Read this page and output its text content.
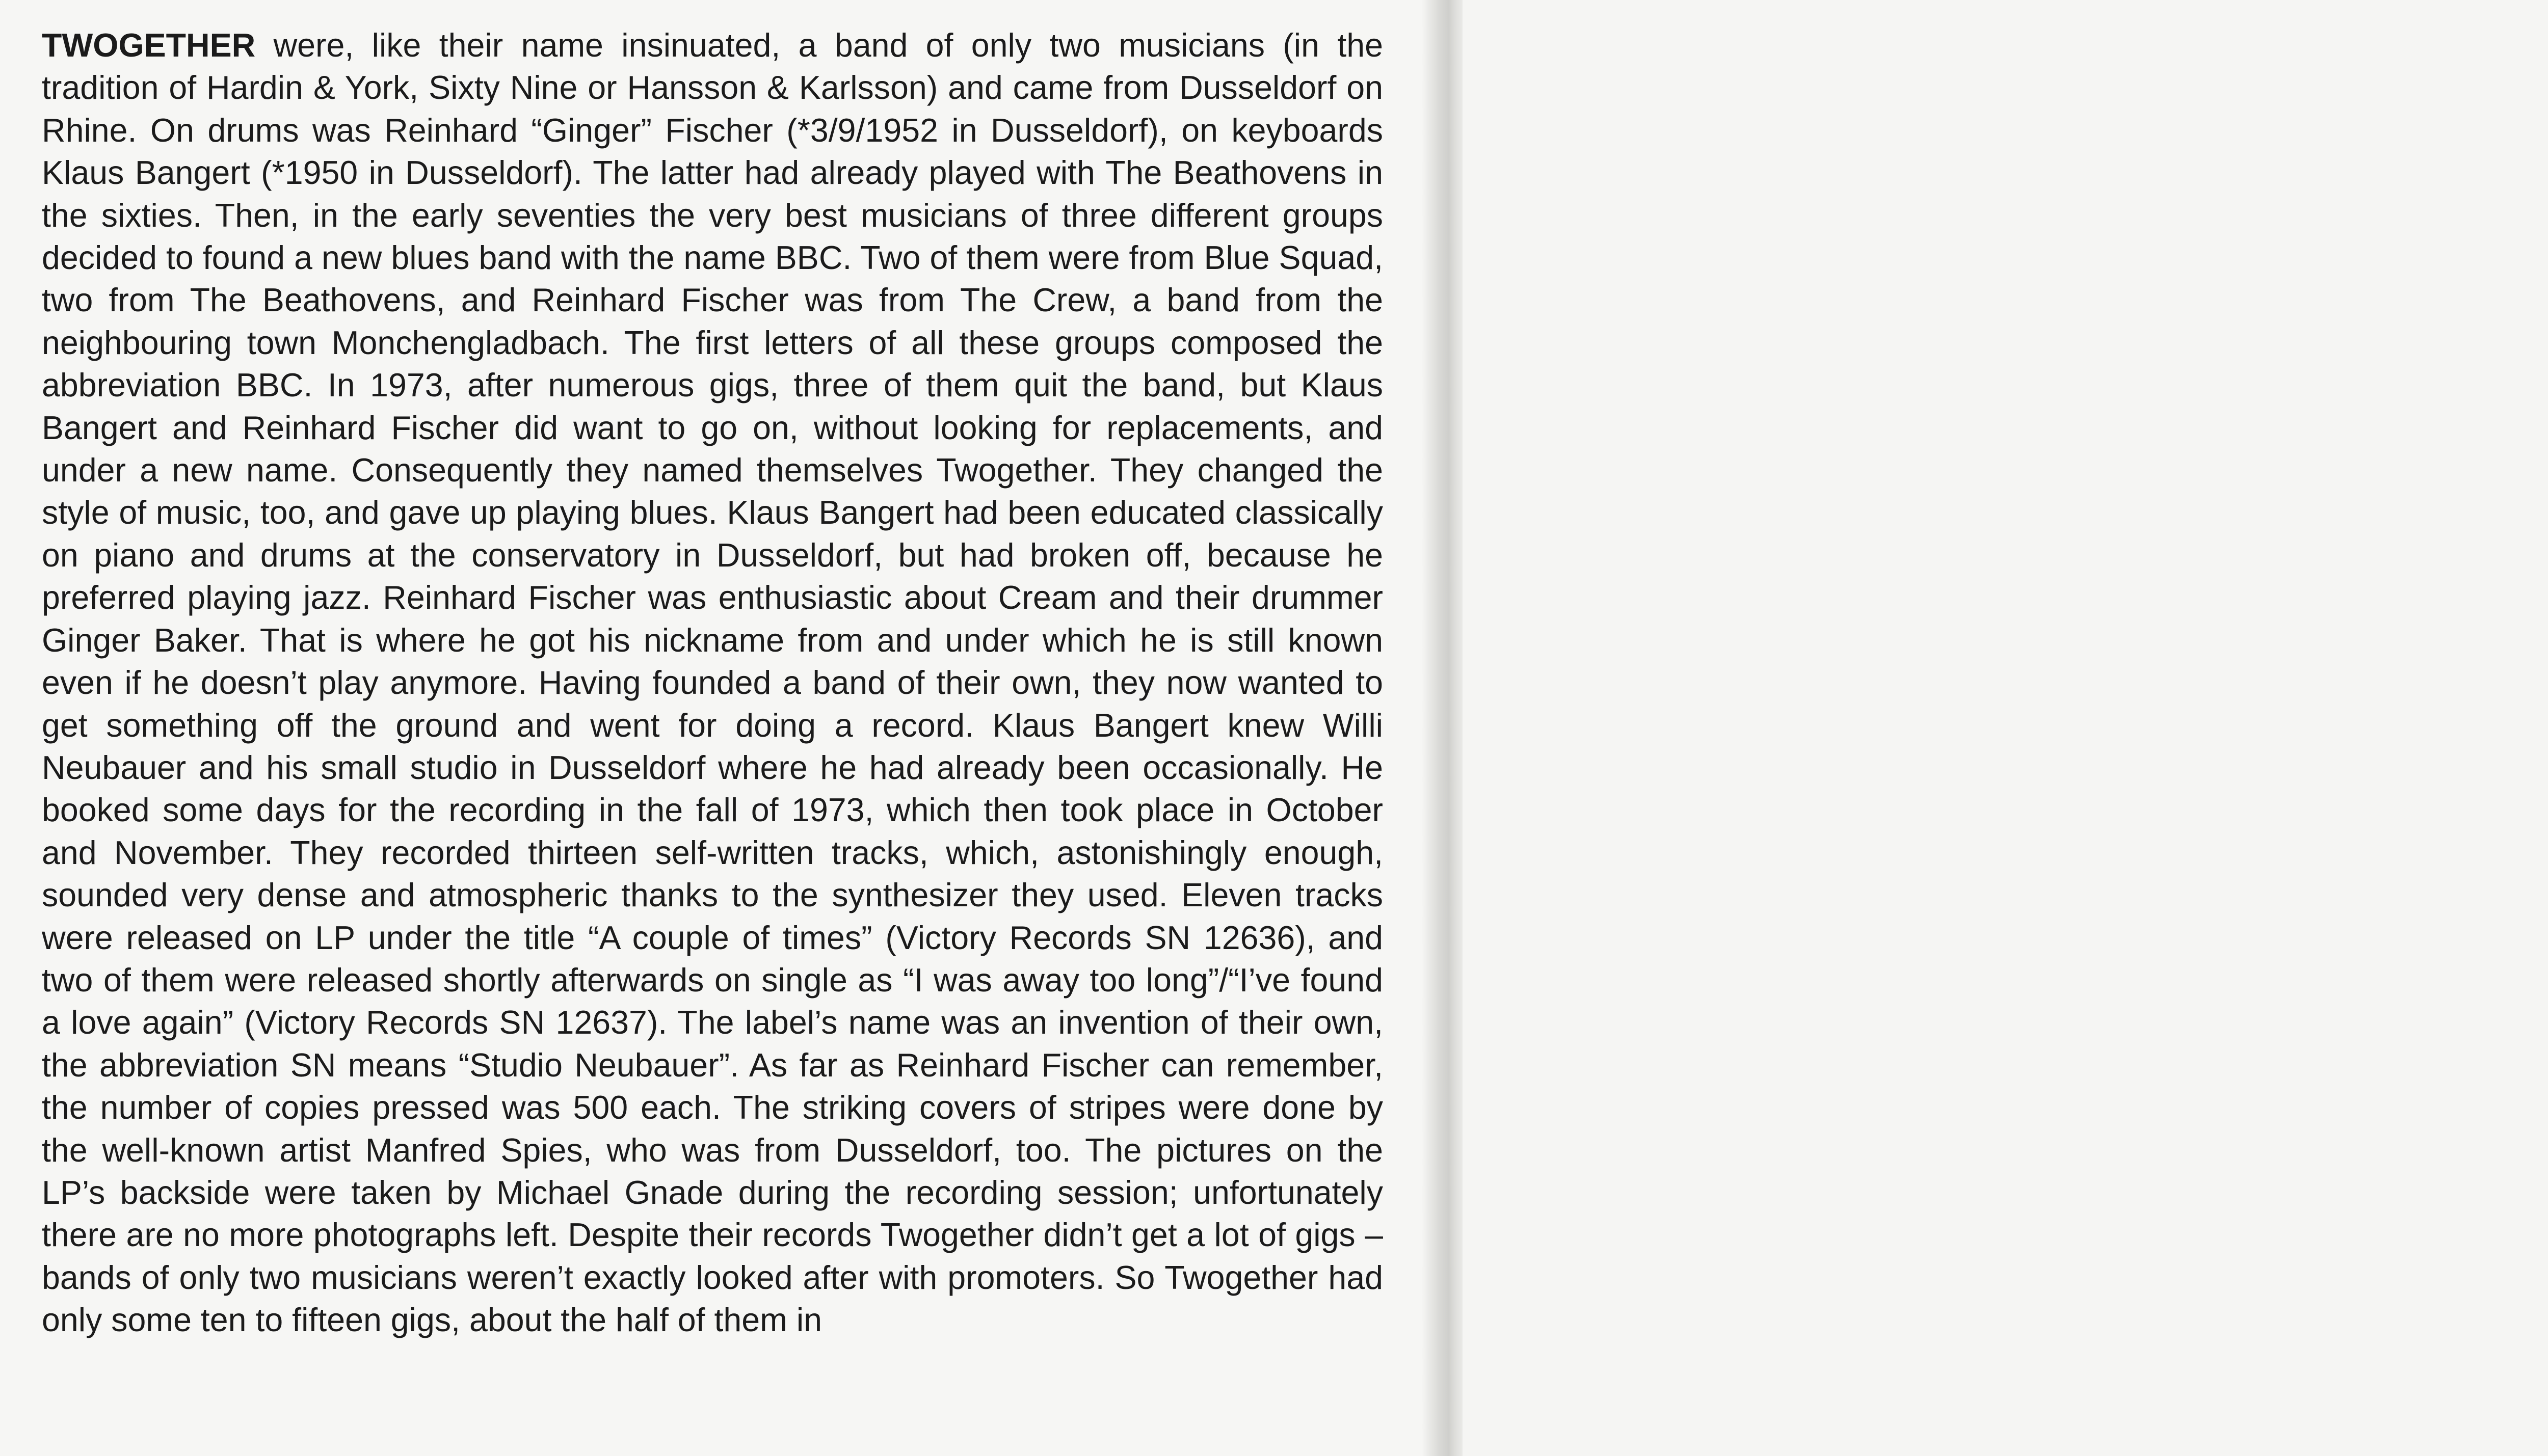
TWOGETHER were, like their name insinuated, a band of only two musicians (in the tradition of Hardin & York, Sixty Nine or Hansson & Karlsson) and came from Dusseldorf on Rhine. On drums was Reinhard “Ginger” Fischer (*3/9/1952 in Dusseldorf), on keyboards Klaus Bangert (*1950 in Dusseldorf). The latter had already played with The Beathovens in the sixties. Then, in the early seventies the very best musicians of three different groups decided to found a new blues band with the name BBC. Two of them were from Blue Squad, two from The Beathovens, and Reinhard Fischer was from The Crew, a band from the neighbouring town Monchengladbach. The first letters of all these groups composed the abbreviation BBC. In 1973, after numerous gigs, three of them quit the band, but Klaus Bangert and Reinhard Fischer did want to go on, without looking for replacements, and under a new name. Consequently they named themselves Twogether. They changed the style of music, too, and gave up playing blues. Klaus Bangert had been educated classically on piano and drums at the conservatory in Dusseldorf, but had broken off, because he preferred playing jazz. Reinhard Fischer was enthusiastic about Cream and their drummer Ginger Baker. That is where he got his nickname from and under which he is still known even if he doesn’t play anymore. Having founded a band of their own, they now wanted to get something off the ground and went for doing a record. Klaus Bangert knew Willi Neubauer and his small studio in Dusseldorf where he had already been occasionally. He booked some days for the recording in the fall of 1973, which then took place in October and November. They recorded thirteen self-written tracks, which, astonishingly enough, sounded very dense and atmospheric thanks to the synthesizer they used. Eleven tracks were released on LP under the title “A couple of times” (Victory Records SN 12636), and two of them were released shortly afterwards on single as “I was away too long”/“I’ve found a love again” (Victory Records SN 12637). The label’s name was an invention of their own, the abbreviation SN means “Studio Neubauer”. As far as Reinhard Fischer can remember, the number of copies pressed was 500 each. The striking covers of stripes were done by the well-known artist Manfred Spies, who was from Dusseldorf, too. The pictures on the LP’s backside were taken by Michael Gnade during the recording session; unfortunately there are no more photographs left. Despite their records Twogether didn’t get a lot of gigs – bands of only two musicians weren’t exactly looked after with promoters. So Twogether had only some ten to fifteen gigs, about the half of them in
